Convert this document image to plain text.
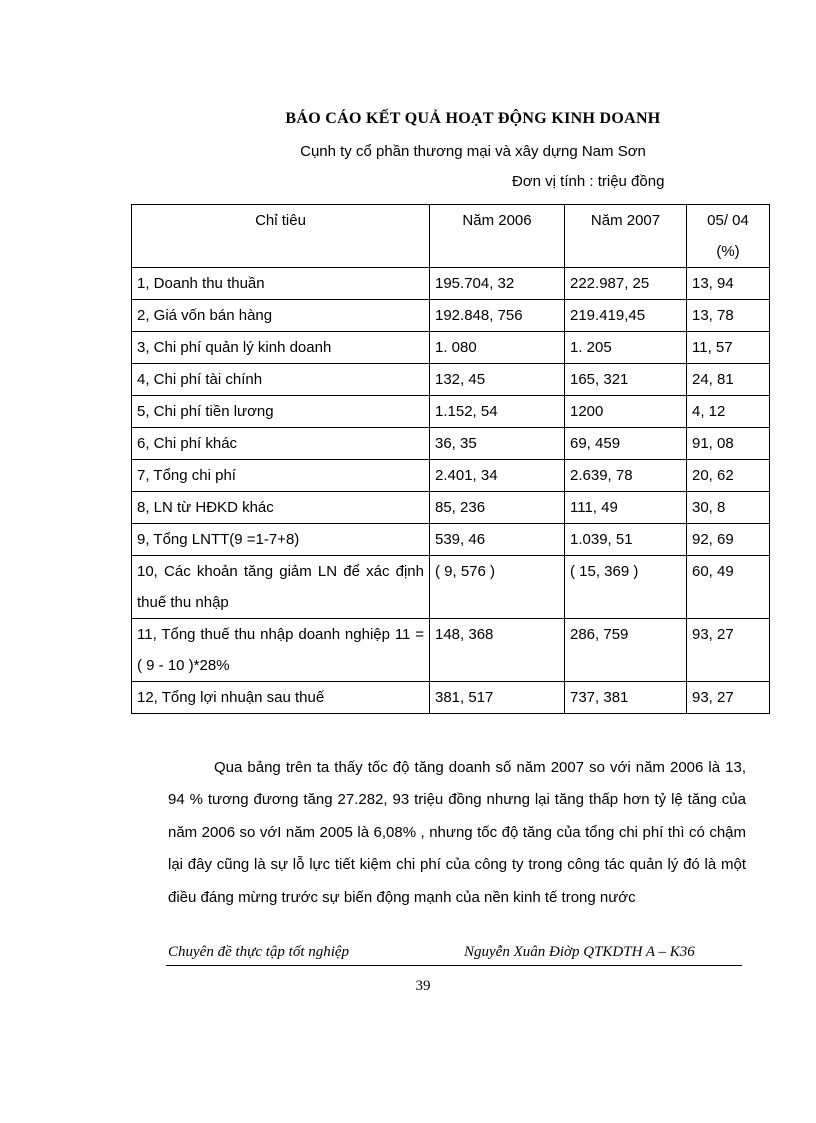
BÁO CÁO KẾT QUẢ HOẠT ĐỘNG KINH DOANH
Cụnh ty cổ phần thương mại và xây dựng Nam Sơn
Đơn vị tính : triệu đồng
Chỉ tiêu	Năm 2006	Năm 2007	05/ 04
(%)

1, Doanh thu thuần	195.704, 32	222.987, 25	13, 94
2, Giá vốn bán hàng	192.848, 756	219.419,45	13, 78
3, Chi phí quản lý kinh doanh	1. 080	1. 205	11, 57
4, Chi phí tài chính	132, 45	165, 321	24, 81
5, Chi phí tiền lương	1.152, 54	1200	4, 12
6, Chi phí khác	36, 35	69, 459	91, 08
7, Tổng chi phí	2.401, 34	2.639, 78	20, 62
8, LN từ HĐKD khác	85, 236	111, 49	30, 8
9, Tổng LNTT(9 =1-7+8)	539, 46	1.039, 51	92, 69
10, Các khoản tăng giảm LN để xác định thuế thu nhập	( 9, 576 )	( 15, 369 )	60, 49
11, Tổng thuế thu nhập doanh nghiệp 11 = ( 9 - 10 )*28%	148, 368	286, 759	93, 27
12, Tổng lợi nhuận sau thuế	381, 517	737, 381	93, 27
Qua bảng trên ta thấy tốc độ tăng doanh số năm 2007 so với năm 2006 là 13, 94 % tương đương tăng 27.282, 93 triệu đồng nhưng lại tăng thấp hơn tỷ lệ tăng của năm 2006 so vớI năm 2005 là 6,08% , nhưng tốc độ tăng của tổng chi phí thì có chậm lại đây cũng là sự lỗ lực tiết kiệm chi phí của công ty trong công tác quản lý đó là một điều đáng mừng trước sự biến động mạnh của nền kinh tế trong nước
Chuyên đề thực tập tốt nghiệp	Nguyễn Xuân Điờp QTKDTH A – K36
39
